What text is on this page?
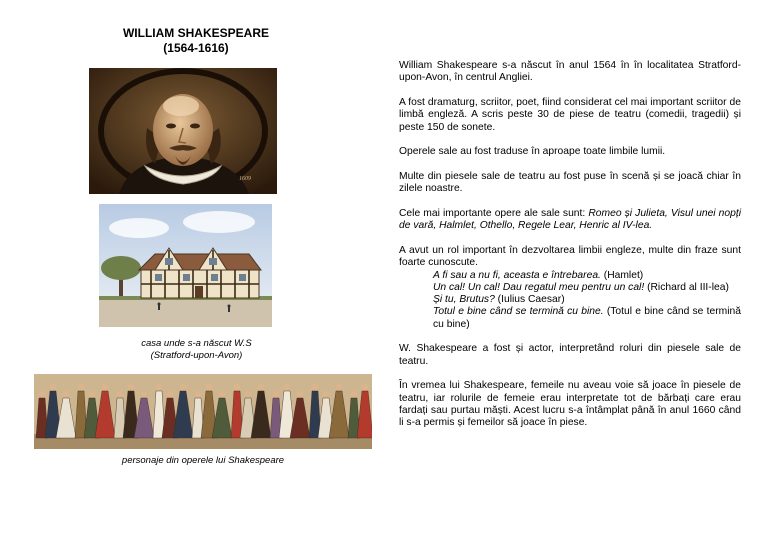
WILLIAM SHAKESPEARE
(1564-1616)
1609
casa unde s-a născut W.S
(Stratford-upon-Avon)
personaje din operele lui Shakespeare

William Shakespeare s-a născut în anul 1564 în în localitatea Stratford-upon-Avon, în centrul Angliei.

A fost dramaturg, scriitor, poet, fiind considerat cel mai important scriitor de limbă engleză. A scris peste 30 de piese de teatru (comedii, tragedii) și peste 150 de sonete.

Operele sale au fost traduse în aproape toate limbile lumii.

Multe din piesele sale de teatru au fost puse în scenă și se joacă chiar în zilele noastre.

Cele mai importante opere ale sale sunt: Romeo și Julieta, Visul unei nopți de vară, Halmlet, Othello, Regele Lear, Henric al IV-lea.

A avut un rol important în dezvoltarea limbii engleze, multe din fraze sunt foarte cunoscute.

A fi sau a nu fi, aceasta e întrebarea. (Hamlet)
Un cal! Un cal! Dau regatul meu pentru un cal! (Richard al III-lea)
Și tu, Brutus? (Iulius Caesar)
Totul e bine când se termină cu bine. (Totul e bine când se termină cu bine)

W. Shakespeare a fost și actor, interpretând roluri din piesele sale de teatru.

În vremea lui Shakespeare, femeile nu aveau voie să joace în piesele de teatru, iar rolurile de femeie erau interpretate tot de bărbați care erau fardați sau purtau măști. Acest lucru s-a întâmplat până în anul 1660 când li s-a permis și femeilor să joace în piese.
